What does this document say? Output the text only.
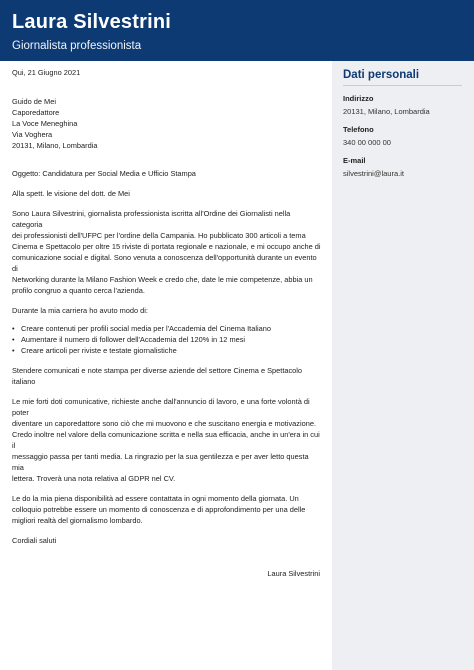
Laura Silvestrini
Giornalista professionista
Qui, 21 Giugno 2021
Guido de Mei
Caporedattore
La Voce Meneghina
Via Voghera
20131, Milano, Lombardia
Oggetto: Candidatura per Social Media e Ufficio Stampa
Alla spett. le visione del dott. de Mei
Sono Laura Silvestrini, giornalista professionista iscritta all'Ordine dei Giornalisti nella categoria
dei professionisti dell'UFPC per l'ordine della Campania. Ho pubblicato 300 articoli a tema
Cinema e Spettacolo per oltre 15 riviste di portata regionale e nazionale, e mi occupo anche di
comunicazione social e digital. Sono venuta a conoscenza dell'opportunità durante un evento di
Networking durante la Milano Fashion Week e credo che, date le mie competenze, abbia un
profilo congruo a quanto cerca l'azienda.
Durante la mia carriera ho avuto modo di:
• Creare contenuti per profili social media per l'Accademia del Cinema Italiano
• Aumentare il numero di follower dell'Accademia del 120% in 12 mesi
• Creare articoli per riviste e testate giornalistiche
Stendere comunicati e note stampa per diverse aziende del settore Cinema e Spettacolo italiano
Le mie forti doti comunicative, richieste anche dall'annuncio di lavoro, e una forte volontà di poter
diventare un caporedattore sono ciò che mi muovono e che suscitano energia e motivazione.
Credo inoltre nel valore della comunicazione scritta e nella sua efficacia, anche in un'era in cui il
messaggio passa per tanti media. La ringrazio per la sua gentilezza e per aver letto questa mia
lettera. Troverà una nota relativa al GDPR nel CV.
Le do la mia piena disponibilità ad essere contattata in ogni momento della giornata. Un
colloquio potrebbe essere un momento di conoscenza e di approfondimento per una delle
migliori realtà del giornalismo lombardo.
Cordiali saluti
Laura Silvestrini
Dati personali
Indirizzo
20131, Milano, Lombardia
Telefono
340 00 000 00
E-mail
silvestrini@laura.it
